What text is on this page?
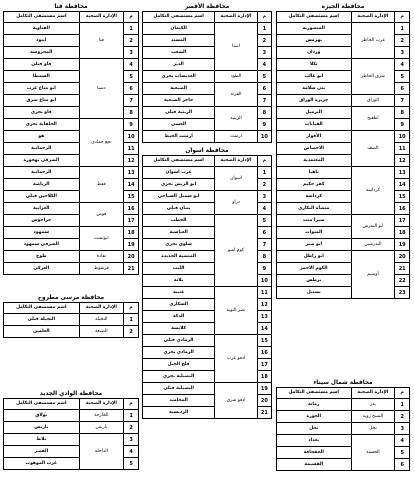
محافظة الجيزة
م	الإدارة الصحية	اسم مستشفى التكامل
1	غرب الحاظر	المنصورية
2		بهرمس
3		وردان
4	شرق الحاظر	نكلا
5		ابو غالب
6		بني سلامة
7	الوراق	جزيرة الوراق
8	اطفيح	البرمبل
9		القبابات
10	الصف	الأقواز
11		الاخصاص
12		المعتمدية
13	كرداسة	ناهيا
14		كفر حكيم
15		كرداسة
16		منشأة البكاري
17	ابو النمرس	شبرا منت
18		المنوات
19	البدرشين	ابو صير
20	أوسيم	ابو راطل
21		الكوم الاحمر
22		برطس
23		بشتيل
محافظة الأقصر
م	الإدارة الصحية	اسم مستشفى التكامل
1	اسنا	الكيمان
2		المسند
3		الشغب
4		الدير
5	الطود	العديسات بحري
6	القرنة	الضبعية
7		حاجر الضبعية
8	الزينية	الزينية قبلي
9		العشي
10	ارمنت	ارمنت الحيط
محافظة قنا
م	الإدارة الصحية	اسم مستشفى التكامل
1	قنا	القناوية
2		ابنود
3		المحروسة
4	دشنا	فاو قبلي
5		السمطا
6		ابو مناع غرب
7		ابو مناع شرق
8		فاو بحري
9	نجع حمادي	الحلفاية بحري
10		هو
11		الرحمانية
12		الشرقي بهجورة
13	قفط	الرحمانية
14		الرياضة
15		الكلاحين قبلي
16	قوص	العزابية
17		جراجوس
18	ابوتشت	سمهود
19		الشرقي سمهود
20	نقادة	طوخ
21	فرشوط	العركي
محافظة اسوان
م	الإدارة الصحية	اسم مستشفى التكامل
1	اسوان	غرب اسوان
2		ابو الريش بحري
3	دراو	ابو سمبل السياحي
4		بنبان قبلي
5	كوم امبو	الخطب
6		العباسية
7		سلوي بحري
8		المنشية الجديدة
9		الليث
10		بلانة
11	نصر النوبة	عنيبة
12		السكاري
13		الدكة
14		كلابشة
15	ادفو غرب	الرمادي قبلي
16		الرمادي بحري
17		فلج الجبل
18		البصيلية بحري
19	ادفو شرق	البصيلية قبلي
20		المحاميد
21		الرديسية
محافظة مرسى مطروح
م	الإدارة الصحية	اسم مستشفى التكامل
1	النجيلة	النجيلة قبلي
2	الضبعة	العلمين
محافظة الوادي الجديد
م	الإدارة الصحية	اسم مستشفى التكامل
1	الخارجة	بولاق
2	باريس	باريس
3	الداخلة	بلاط
4		القصر
5		غرب الموهوب
محافظة شمال سيناء
م	الإدارة الصحية	اسم مستشفى التكامل
1	بدر	رمانة
2	الشيخ زويد	الجورة
3	نخل	نخل
4	الحسنة	بغداد
5		الجفجافة
6		القسيمة
